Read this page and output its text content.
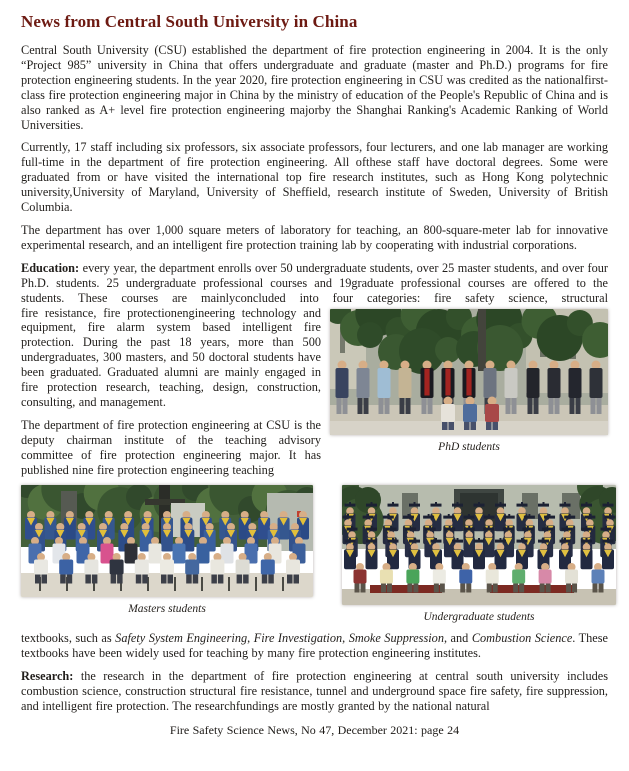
News from Central South University in China

Central South University (CSU) established the department of fire protection engineering in 2004. It is the only “Project 985” university in China that offers undergraduate and graduate (master and Ph.D.) programs for fire protection engineering students. In the year 2020, fire protection engineering in CSU was credited as the nationalfirst-class fire protection engineering major in China by the ministry of education of the People's Republic of China and is also ranked as A+ level fire protection engineering majorby the Shanghai Ranking's Academic Ranking of World Universities.

Currently, 17 staff including six professors, six associate professors, four lecturers, and one lab manager are working full-time in the department of fire protection engineering. All ofthese staff have doctoral degrees. Some were graduated from or have visited the international top fire research institutes, such as Hong Kong polytechnic university,University of Maryland, University of Sheffield, research institute of Sweden, University of British Columbia.

The department has over 1,000 square meters of laboratory for teaching, an 800-square-meter lab for innovative experimental research, and an intelligent fire protection training lab by cooperating with industrial corporations.

Education: every year, the department enrolls over 50 undergraduate students, over 25 master students, and over four Ph.D. students. 25 undergraduate professional courses and 19graduate professional courses are offered to the students. These courses are mainlyconcluded into four categories: fire safety science, structural

PhD students

fire resistance, fire protectionengineering technology and equipment, fire alarm system based intelligent fire protection. During the past 18 years, more than 500 undergraduates, 300 masters, and 50 doctoral students have been graduated. Graduated alumni are mainly engaged in fire protection research, teaching, design, construction, consulting, and management.

The department of fire protection engineering at CSU is the deputy chairman institute of the teaching advisory committee of fire protection engineering major. It has published nine fire protection engineering teaching

Masters students
Undergraduate students

textbooks, such as Safety System Engineering, Fire Investigation, Smoke Suppression, and Combustion Science. These textbooks have been widely used for teaching by many fire protection engineering institutes.

Research: the research in the department of fire protection engineering at central south university includes combustion science, construction structural fire resistance, tunnel and underground space fire safety, fire suppression, and intelligent fire protection. The researchfundings are mostly granted by the national natural

Fire Safety Science News, No 47, December 2021: page 24
